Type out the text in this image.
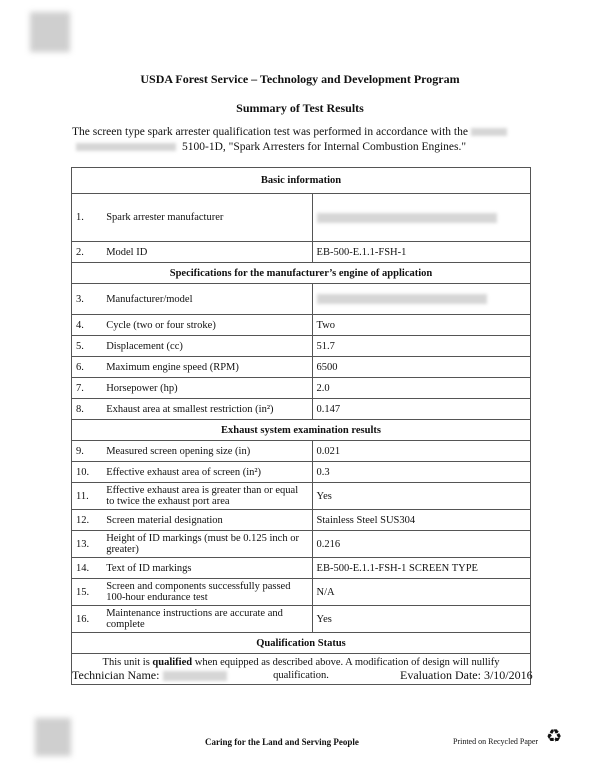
USDA Forest Service – Technology and Development Program
Summary of Test Results
The screen type spark arrester qualification test was performed in accordance with the
5100-1D, "Spark Arresters for Internal Combustion Engines."
Basic information		
1.	Spark arrester manufacturer	

2.	Model ID	EB-500-E.1.1-FSH-1
Specifications for the manufacturer’s engine of application		
3.	Manufacturer/model	

4.	Cycle (two or four stroke)	Two
5.	Displacement (cc)	51.7
6.	Maximum engine speed (RPM)	6500
7.	Horsepower (hp)	2.0
8.	Exhaust area at smallest restriction (in²)	0.147
Exhaust system examination results		
9.	Measured screen opening size (in)	0.021
10.	Effective exhaust area of screen (in²)	0.3
11.	Effective exhaust area is greater than or equal to twice the exhaust port area	Yes
12.	Screen material designation	Stainless Steel SUS304
13.	Height of ID markings (must be 0.125 inch or greater)	0.216
14.	Text of ID markings	EB-500-E.1.1-FSH-1 SCREEN TYPE
15.	Screen and components successfully passed 100-hour endurance test	N/A
16.	Maintenance instructions are accurate and complete	Yes
Qualification Status		
This unit is qualified when equipped as described above. A modification of design will nullify qualification.		
Technician Name:	Evaluation Date: 3/10/2016
Caring for the Land and Serving People	Printed on Recycled Paper ♻
